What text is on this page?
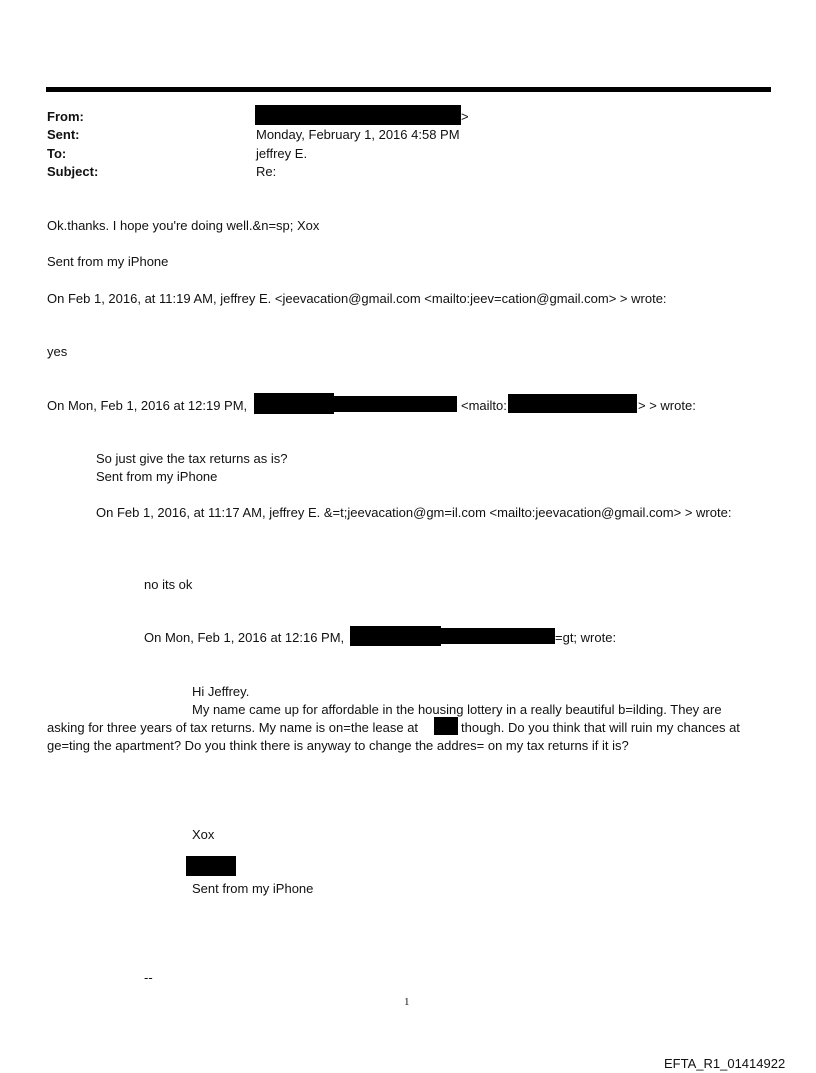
From:	>
Sent:	Monday, February 1, 2016 4:58 PM
To:	jeffrey E.
Subject:	Re:
Ok.thanks. I hope you're doing well.&n=sp; Xox
Sent from my iPhone
On Feb 1, 2016, at 11:19 AM, jeffrey E. <jeevacation@gmail.com <mailto:jeev=cation@gmail.com> > wrote:
yes
On Mon, Feb 1, 2016 at 12:19 PM,	<mailto:	> > wrote:
So just give the tax returns as is?
Sent from my iPhone
On Feb 1, 2016, at 11:17 AM, jeffrey E. &=t;jeevacation@gm=il.com <mailto:jeevacation@gmail.com> > wrote:
no its ok
On Mon, Feb 1, 2016 at 12:16 PM,	=gt; wrote:
Hi Jeffrey.
My name came up for affordable in the housing lottery in a really beautiful b=ilding. They are
asking for three years of tax returns. My name is on=the lease at	though. Do you think that will ruin my chances at
ge=ting the apartment? Do you think there is anyway to change the addres= on my tax returns if it is?
Xox
Sent from my iPhone
--
1
EFTA_R1_01414922
